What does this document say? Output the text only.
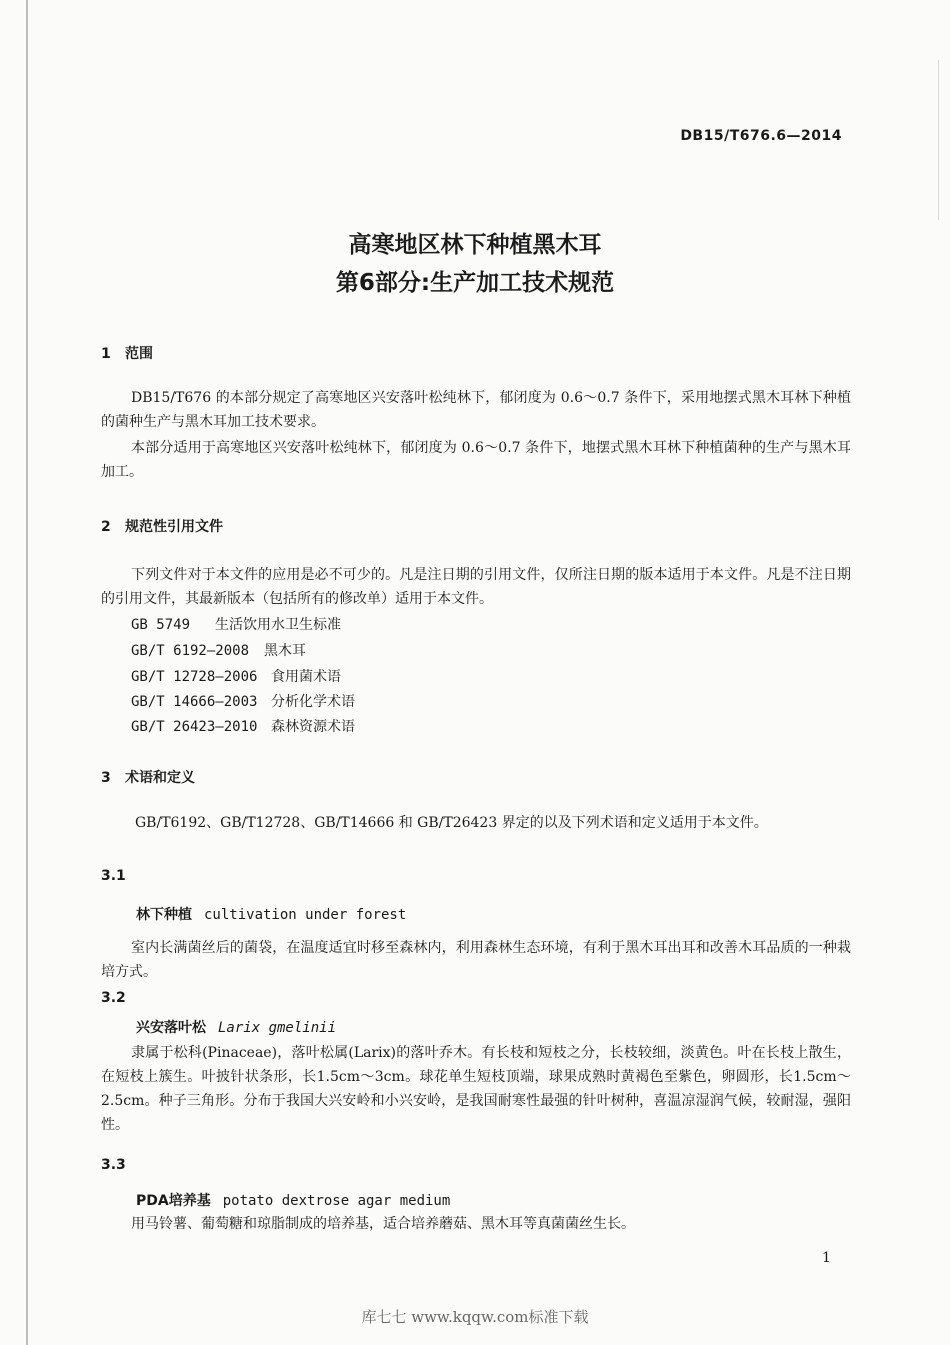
DB15/T676.6—2014
高寒地区林下种植黑木耳
第6部分:生产加工技术规范
1 范围
DB15/T676 的本部分规定了高寒地区兴安落叶松纯林下，郁闭度为 0.6～0.7 条件下，采用地摆式黑木耳林下种植的菌种生产与黑木耳加工技术要求。
本部分适用于高寒地区兴安落叶松纯林下，郁闭度为 0.6～0.7 条件下，地摆式黑木耳林下种植菌种的生产与黑木耳加工。
2 规范性引用文件
下列文件对于本文件的应用是必不可少的。凡是注日期的引用文件，仅所注日期的版本适用于本文件。凡是不注日期的引用文件，其最新版本（包括所有的修改单）适用于本文件。
GB 5749 生活饮用水卫生标准
GB/T 6192—2008 黑木耳
GB/T 12728—2006 食用菌术语
GB/T 14666—2003 分析化学术语
GB/T 26423—2010 森林资源术语
3 术语和定义
GB/T6192、GB/T12728、GB/T14666 和 GB/T26423 界定的以及下列术语和定义适用于本文件。
3.1
林下种植 cultivation under forest
室内长满菌丝后的菌袋，在温度适宜时移至森林内，利用森林生态环境，有利于黑木耳出耳和改善木耳品质的一种栽培方式。
3.2
兴安落叶松 Larix gmelinii
隶属于松科(Pinaceae)，落叶松属(Larix)的落叶乔木。有长枝和短枝之分，长枝较细，淡黄色。叶在长枝上散生，在短枝上簇生。叶披针状条形，长1.5cm～3cm。球花单生短枝顶端，球果成熟时黄褐色至紫色，卵圆形，长1.5cm～2.5cm。种子三角形。分布于我国大兴安岭和小兴安岭，是我国耐寒性最强的针叶树种，喜温凉湿润气候，较耐湿，强阳性。
3.3
PDA培养基 potato dextrose agar medium
用马铃薯、葡萄糖和琼脂制成的培养基，适合培养蘑菇、黑木耳等真菌菌丝生长。
1
库七七 www.kqqw.com标准下载
